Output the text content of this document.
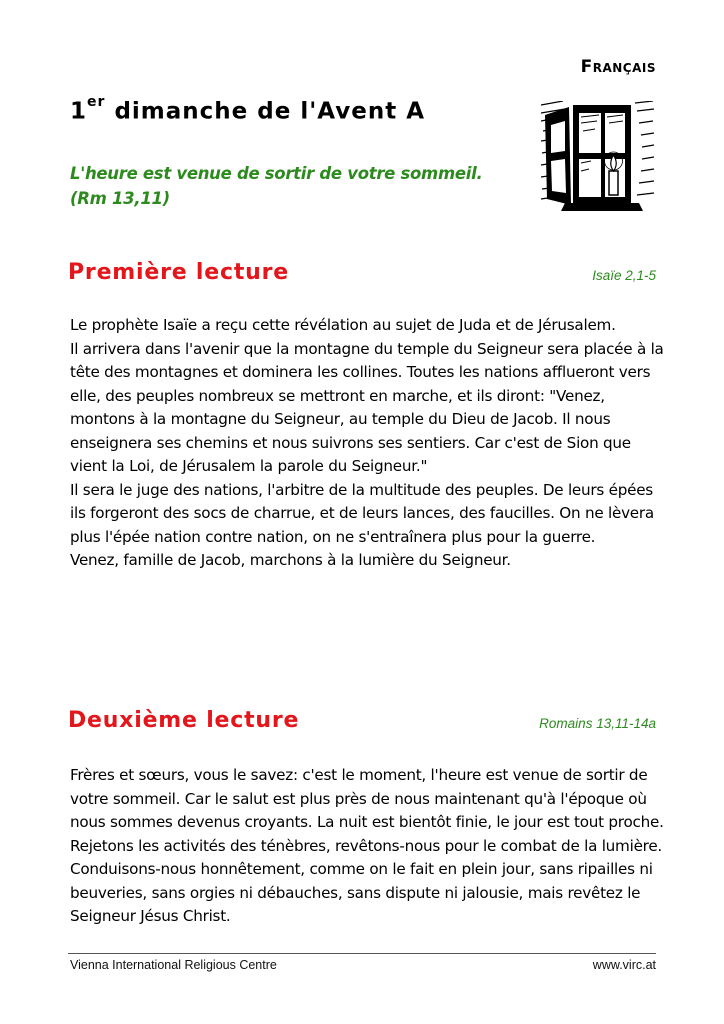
Français
1er dimanche de l'Avent A
L'heure est venue de sortir de votre sommeil.
(Rm 13,11)
Première lecture	Isaïe 2,1-5

Le prophète Isaïe a reçu cette révélation au sujet de Juda et de Jérusalem.

Il arrivera dans l'avenir que la montagne du temple du Seigneur sera placée à la tête des montagnes et dominera les collines. Toutes les nations afflueront vers elle, des peuples nombreux se mettront en marche, et ils diront: "Venez, montons à la montagne du Seigneur, au temple du Dieu de Jacob. Il nous enseignera ses chemins et nous suivrons ses sentiers. Car c'est de Sion que vient la Loi, de Jérusalem la parole du Seigneur."

Il sera le juge des nations, l'arbitre de la multitude des peuples. De leurs épées ils forgeront des socs de charrue, et de leurs lances, des faucilles. On ne lèvera plus l'épée nation contre nation, on ne s'entraînera plus pour la guerre.

Venez, famille de Jacob, marchons à la lumière du Seigneur.

Deuxième lecture	Romains 13,11-14a

Frères et sœurs, vous le savez: c'est le moment, l'heure est venue de sortir de votre sommeil. Car le salut est plus près de nous maintenant qu'à l'époque où nous sommes devenus croyants. La nuit est bientôt finie, le jour est tout proche. Rejetons les activités des ténèbres, revêtons-nous pour le combat de la lumière. Conduisons-nous honnêtement, comme on le fait en plein jour, sans ripailles ni beuveries, sans orgies ni débauches, sans dispute ni jalousie, mais revêtez le Seigneur Jésus Christ.

Vienna International Religious Centre	www.virc.at
